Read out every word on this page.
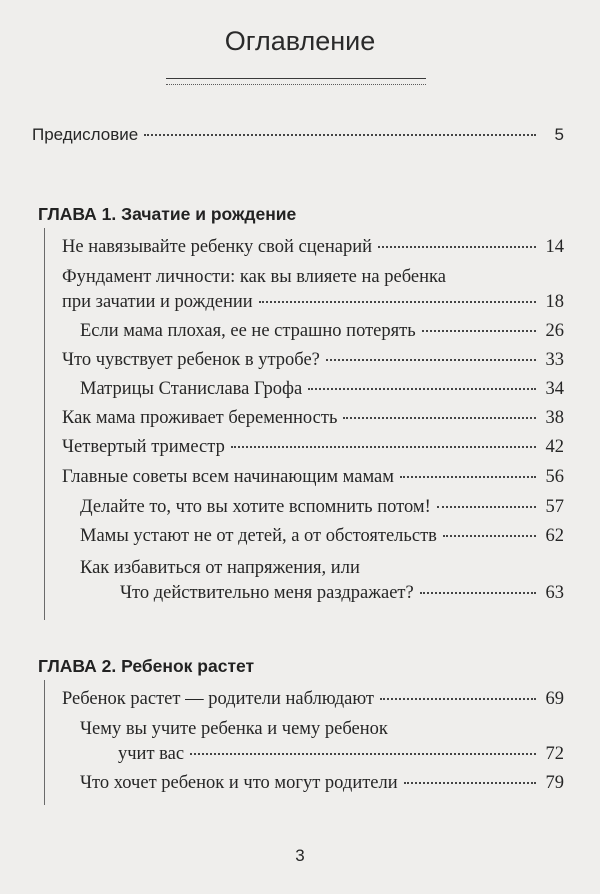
Оглавление
Предисловие	5
ГЛАВА 1. Зачатие и рождение
Не навязывайте ребенку свой сценарий	14
Фундамент личности: как вы влияете на ребенка
при зачатии и рождении	18
Если мама плохая, ее не страшно потерять	26
Что чувствует ребенок в утробе?	33
Матрицы Станислава Грофа	34
Как мама проживает беременность	38
Четвертый триместр	42
Главные советы всем начинающим мамам	56
Делайте то, что вы хотите вспомнить потом!	57
Мамы устают не от детей, а от обстоятельств	62
Как избавиться от напряжения, или
Что действительно меня раздражает?	63
ГЛАВА 2. Ребенок растет
Ребенок растет — родители наблюдают	69
Чему вы учите ребенка и чему ребенок
учит вас	72
Что хочет ребенок и что могут родители	79
3
